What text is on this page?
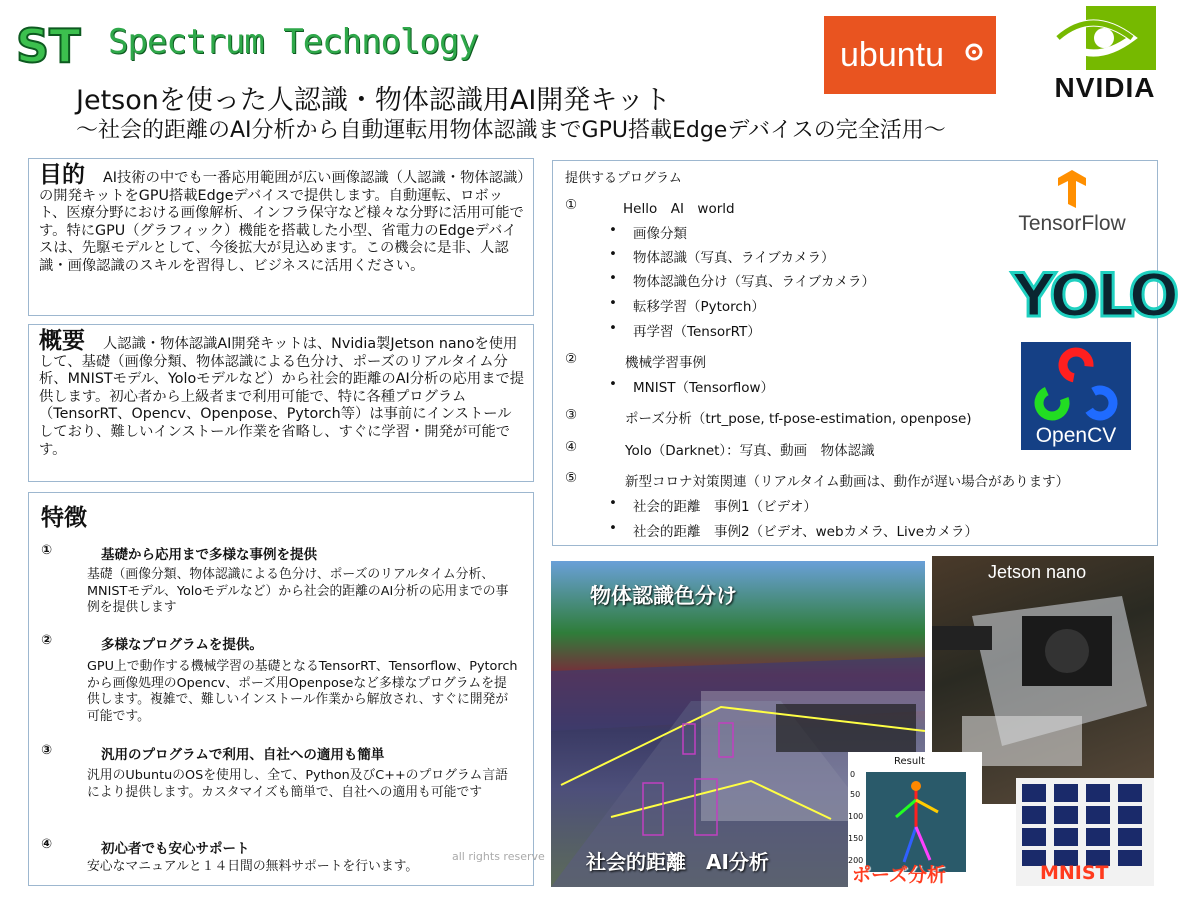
ST Spectrum Technology	ubuntu
NVIDIA
Jetsonを使った人認識・物体認識用AI開発キット
～社会的距離のAI分析から自動運転用物体認識までGPU搭載Edgeデバイスの完全活用～
目的 AI技術の中でも一番応用範囲が広い画像認識（人認識・物体認識）の開発キットをGPU搭載Edgeデバイスで提供します。自動運転、ロボット、医療分野における画像解析、インフラ保守など様々な分野に活用可能です。特にGPU（グラフィック）機能を搭載した小型、省電力のEdgeデバイスは、先駆モデルとして、今後拡大が見込めます。この機会に是非、人認識・画像認識のスキルを習得し、ビジネスに活用ください。
概要 人認識・物体認識AI開発キットは、Nvidia製Jetson nanoを使用して、基礎（画像分類、物体認識による色分け、ポーズのリアルタイム分析、MNISTモデル、Yoloモデルなど）から社会的距離のAI分析の応用まで提供します。初心者から上級者まで利用可能で、特に各種プログラム（TensorRT、Opencv、Openpose、Pytorch等）は事前にインストールしており、難しいインストール作業を省略し、すぐに学習・開発が可能です。
特徴
①	基礎から応用まで多様な事例を提供
基礎（画像分類、物体認識による色分け、ポーズのリアルタイム分析、MNISTモデル、Yoloモデルなど）から社会的距離のAI分析の応用までの事例を提供します
②	多様なプログラムを提供。
GPU上で動作する機械学習の基礎となるTensorRT、Tensorflow、Pytorchから画像処理のOpencv、ポーズ用Openposeなど多様なプログラムを提供します。複雑で、難しいインストール作業から解放され、すぐに開発が可能です。
③	汎用のプログラムで利用、自社への適用も簡単
汎用のUbuntuのOSを使用し、全て、Python及びC++のプログラム言語により提供します。カスタマイズも簡単で、自社への適用も可能です
④	初心者でも安心サポート
安心なマニュアルと１４日間の無料サポートを行います。
all rights reserve
提供するプログラム
①	Hello　AI　world
• 画像分類
• 物体認識（写真、ライブカメラ）
• 物体認識色分け（写真、ライブカメラ）
• 転移学習（Pytorch）
• 再学習（TensorRT）
②	機械学習事例
• MNIST（Tensorflow）
③	ポーズ分析（trt_pose, tf-pose-estimation, openpose)
④	Yolo（Darknet）：写真、動画　物体認識
⑤	新型コロナ対策関連（リアルタイム動画は、動作が遅い場合があります）
• 社会的距離　事例1（ビデオ）
• 社会的距離　事例2（ビデオ、webカメラ、Liveカメラ）
TensorFlow
YOLO
OpenCV
物体認識色分け
社会的距離　AI分析
Jetson nano
Result
0
50
100
150
200
ポーズ分析	MNIST
